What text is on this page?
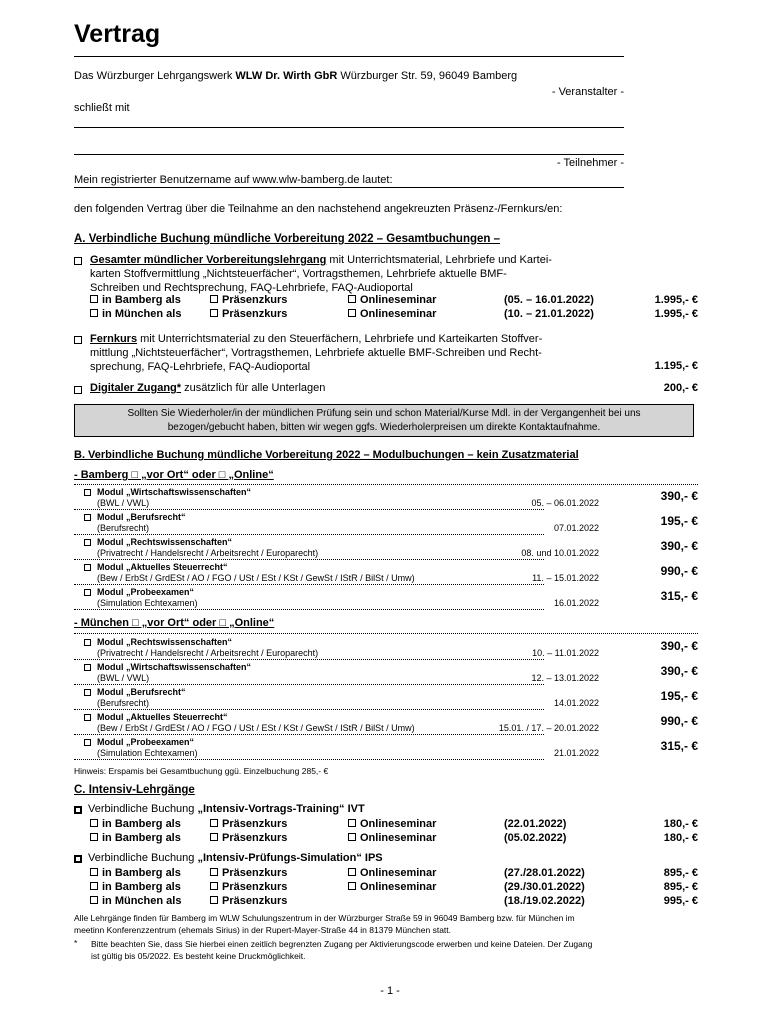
Vertrag
Das Würzburger Lehrgangswerk WLW Dr. Wirth GbR Würzburger Str. 59, 96049 Bamberg
- Veranstalter -
schließt mit
- Teilnehmer -
Mein registrierter Benutzername auf www.wlw-bamberg.de lautet:
den folgenden Vertrag über die Teilnahme an den nachstehend angekreuzten Präsenz-/Fernkurs/en:
A. Verbindliche Buchung mündliche Vorbereitung 2022 – Gesamtbuchungen –
Gesamter mündlicher Vorbereitungslehrgang mit Unterrichtsmaterial, Lehrbriefe und Kartei-
karten Stoffvermittlung „Nichtsteuerfächer“, Vortragsthemen, Lehrbriefe aktuelle BMF-
Schreiben und Rechtsprechung, FAQ-Lehrbriefe, FAQ-Audioportal
in Bamberg als	Präsenzkurs	Onlineseminar	(05. – 16.01.2022)	1.995,- €
in München als	Präsenzkurs	Onlineseminar	(10. – 21.01.2022)	1.995,- €
Fernkurs mit Unterrichtsmaterial zu den Steuerfächern, Lehrbriefe und Karteikarten Stoffver-
mittlung „Nichtsteuerfächer“, Vortragsthemen, Lehrbriefe aktuelle BMF-Schreiben und Recht-
sprechung, FAQ-Lehrbriefe, FAQ-Audioportal	1.195,- €
Digitaler Zugang* zusätzlich für alle Unterlagen	200,- €
Sollten Sie Wiederholer/in der mündlichen Prüfung sein und schon Material/Kurse Mdl. in der Vergangenheit bei uns
bezogen/gebucht haben, bitten wir wegen ggfs. Wiederholerpreisen um direkte Kontaktaufnahme.
B. Verbindliche Buchung mündliche Vorbereitung 2022 – Modulbuchungen – kein Zusatzmaterial
- Bamberg □ „vor Ort“ oder □ „Online“
Modul „Wirtschaftswissenschaften“
(BWL / VWL)	05. – 06.01.2022	390,- €
Modul „Berufsrecht“
(Berufsrecht)	07.01.2022	195,- €
Modul „Rechtswissenschaften“
(Privatrecht / Handelsrecht / Arbeitsrecht / Europarecht)	08. und 10.01.2022	390,- €
Modul „Aktuelles Steuerrecht“
(Bew / ErbSt / GrdESt / AO / FGO / USt / ESt / KSt / GewSt / IStR / BilSt / Umw)	11. – 15.01.2022	990,- €
Modul „Probeexamen“
(Simulation Echtexamen)	16.01.2022	315,- €
- München □ „vor Ort“ oder □ „Online“
Modul „Rechtswissenschaften“
(Privatrecht / Handelsrecht / Arbeitsrecht / Europarecht)	10. – 11.01.2022	390,- €
Modul „Wirtschaftswissenschaften“
(BWL / VWL)	12. – 13.01.2022	390,- €
Modul „Berufsrecht“
(Berufsrecht)	14.01.2022	195,- €
Modul „Aktuelles Steuerrecht“
(Bew / ErbSt / GrdESt / AO / FGO / USt / ESt / KSt / GewSt / IStR / BilSt / Umw)	15.01. / 17. – 20.01.2022	990,- €
Modul „Probeexamen“
(Simulation Echtexamen)	21.01.2022	315,- €
Hinweis: Erspamis bei Gesamtbuchung ggü. Einzelbuchung 285,- €
C. Intensiv-Lehrgänge
Verbindliche Buchung „Intensiv-Vortrags-Training“ IVT
in Bamberg als	Präsenzkurs	Onlineseminar	(22.01.2022)	180,- €
in Bamberg als	Präsenzkurs	Onlineseminar	(05.02.2022)	180,- €
Verbindliche Buchung „Intensiv-Prüfungs-Simulation“ IPS
in Bamberg als	Präsenzkurs	Onlineseminar	(27./28.01.2022)	895,- €
in Bamberg als	Präsenzkurs	Onlineseminar	(29./30.01.2022)	895,- €
in München als	Präsenzkurs	(18./19.02.2022)	995,- €
Alle Lehrgänge finden für Bamberg im WLW Schulungszentrum in der Würzburger Straße 59 in 96049 Bamberg bzw. für München im
meetinn Konferenzzentrum (ehemals Sirius) in der Rupert-Mayer-Straße 44 in 81379 München statt.
* Bitte beachten Sie, dass Sie hierbei einen zeitlich begrenzten Zugang per Aktivierungscode erwerben und keine Dateien. Der Zugang
ist gültig bis 05/2022. Es besteht keine Druckmöglichkeit.
- 1 -
